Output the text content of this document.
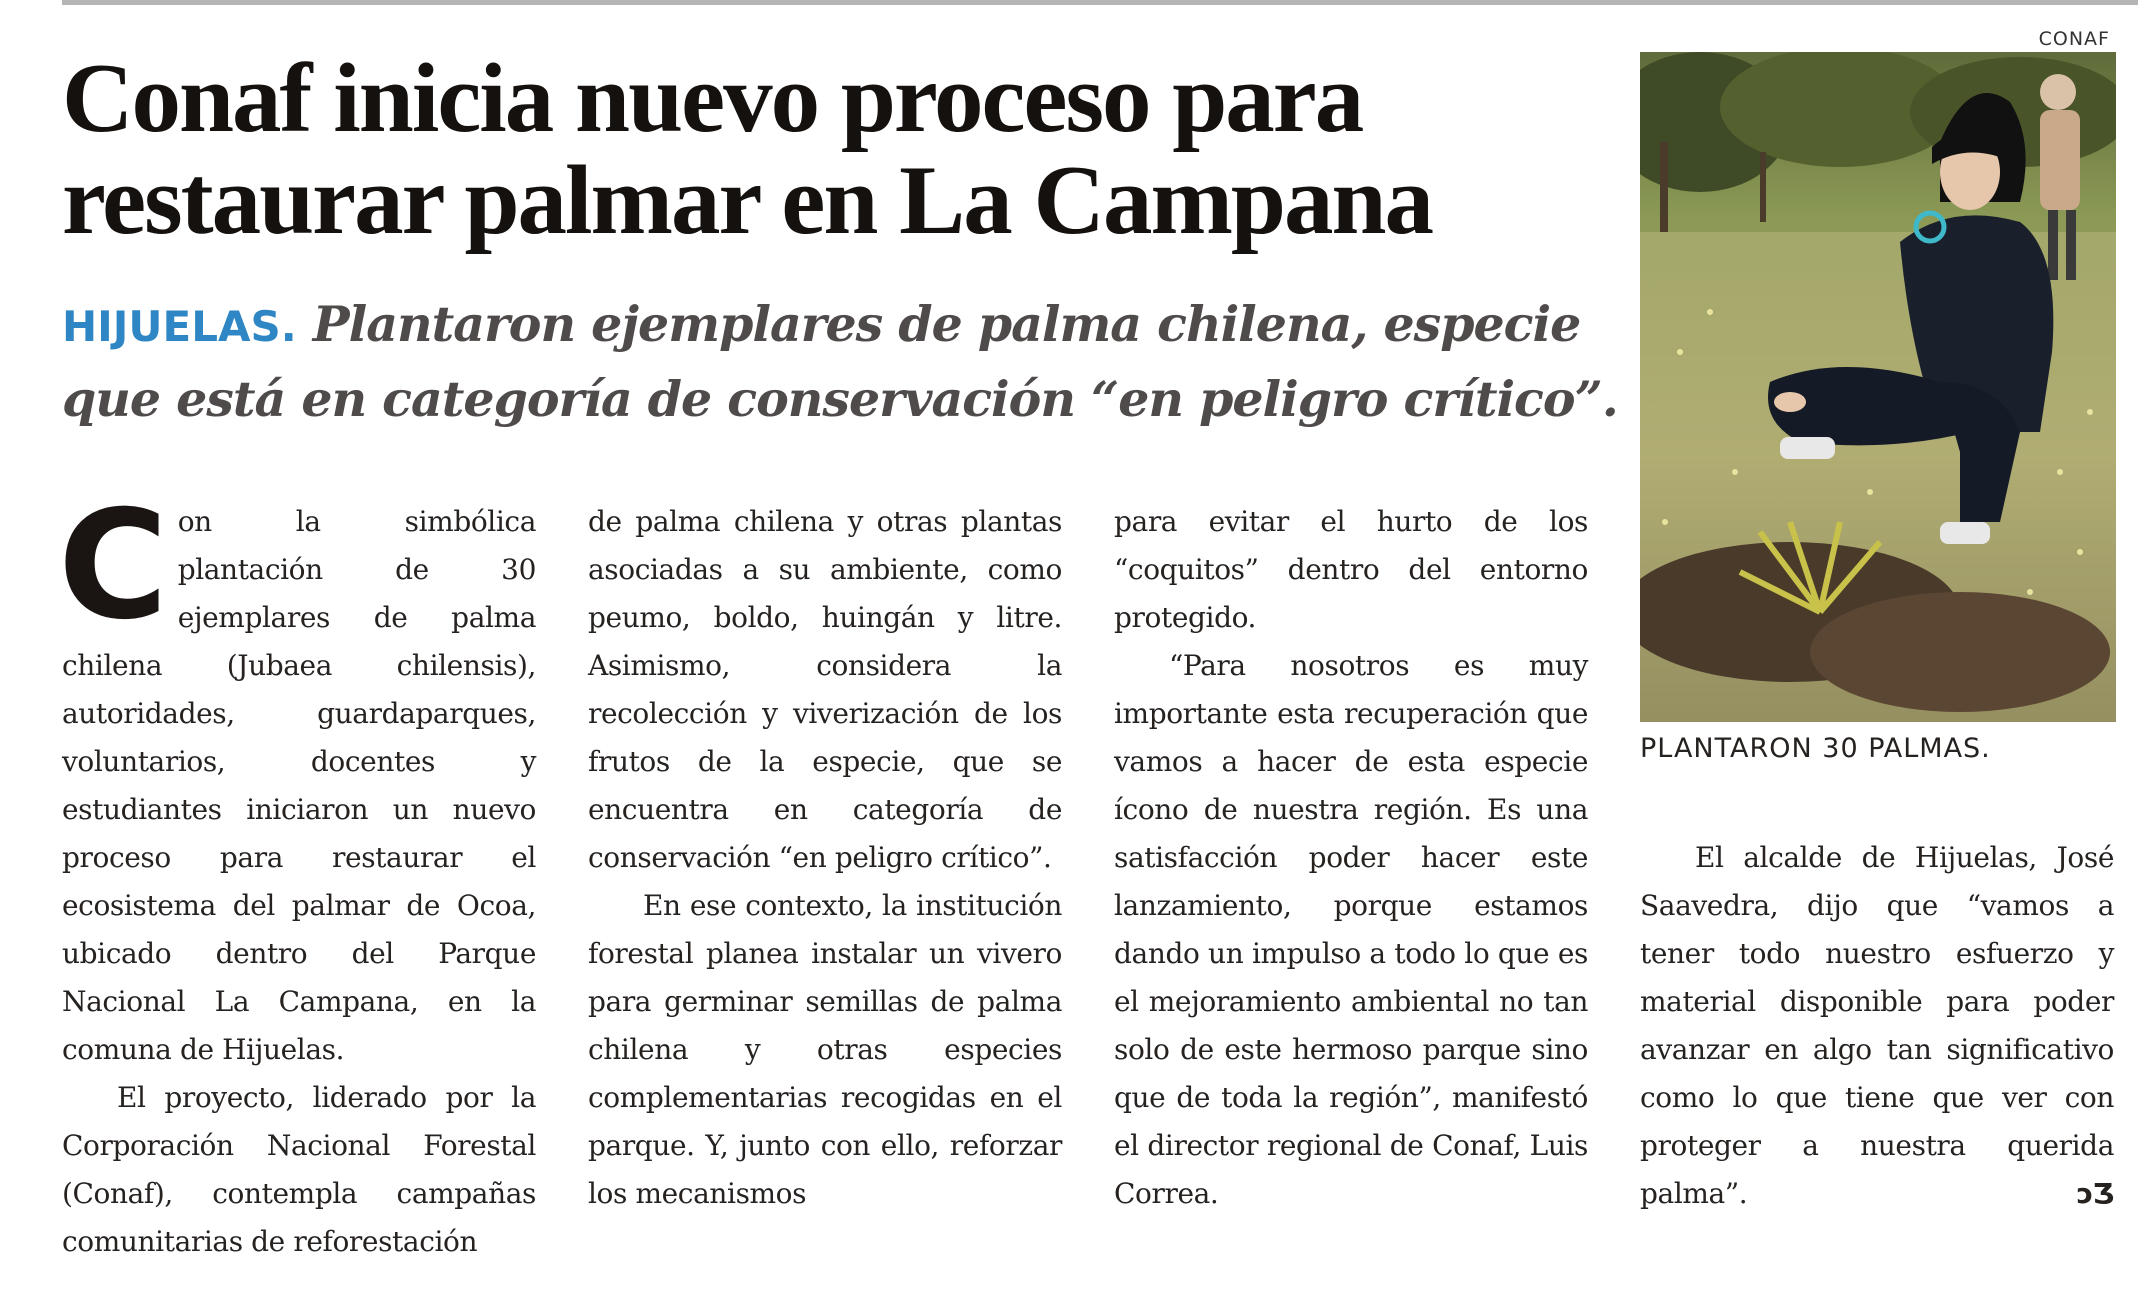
Conaf inicia nuevo proceso para restaurar palmar en La Campana

HIJUELAS. Plantaron ejemplares de palma chilena, especie que está en categoría de conservación “en peligro crítico”.

Con la simbólica plantación de 30 ejemplares de palma chilena (Jubaea chilensis), autoridades, guardaparques, voluntarios, docentes y estudiantes iniciaron un nuevo proceso para restaurar el ecosistema del palmar de Ocoa, ubicado dentro del Parque Nacional La Campana, en la comuna de Hijuelas.

El proyecto, liderado por la Corporación Nacional Forestal (Conaf), contempla campañas comunitarias de reforestación

de palma chilena y otras plantas asociadas a su ambiente, como peumo, boldo, huingán y litre. Asimismo, considera la recolección y viverización de los frutos de la especie, que se encuentra en categoría de conservación “en peligro crítico”.

En ese contexto, la institución forestal planea instalar un vivero para germinar semillas de palma chilena y otras especies complementarias recogidas en el parque. Y, junto con ello, reforzar los mecanismos

para evitar el hurto de los “coquitos” dentro del entorno protegido.

“Para nosotros es muy importante esta recuperación que vamos a hacer de esta especie ícono de nuestra región. Es una satisfacción poder hacer este lanzamiento, porque estamos dando un impulso a todo lo que es el mejoramiento ambiental no tan solo de este hermoso parque sino que de toda la región”, manifestó el director regional de Conaf, Luis Correa.

El alcalde de Hijuelas, José Saavedra, dijo que “vamos a tener todo nuestro esfuerzo y material disponible para poder avanzar en algo tan significativo como lo que tiene que ver con proteger a nuestra querida palma”.	ↄƷ

CONAF
PLANTARON 30 PALMAS.
